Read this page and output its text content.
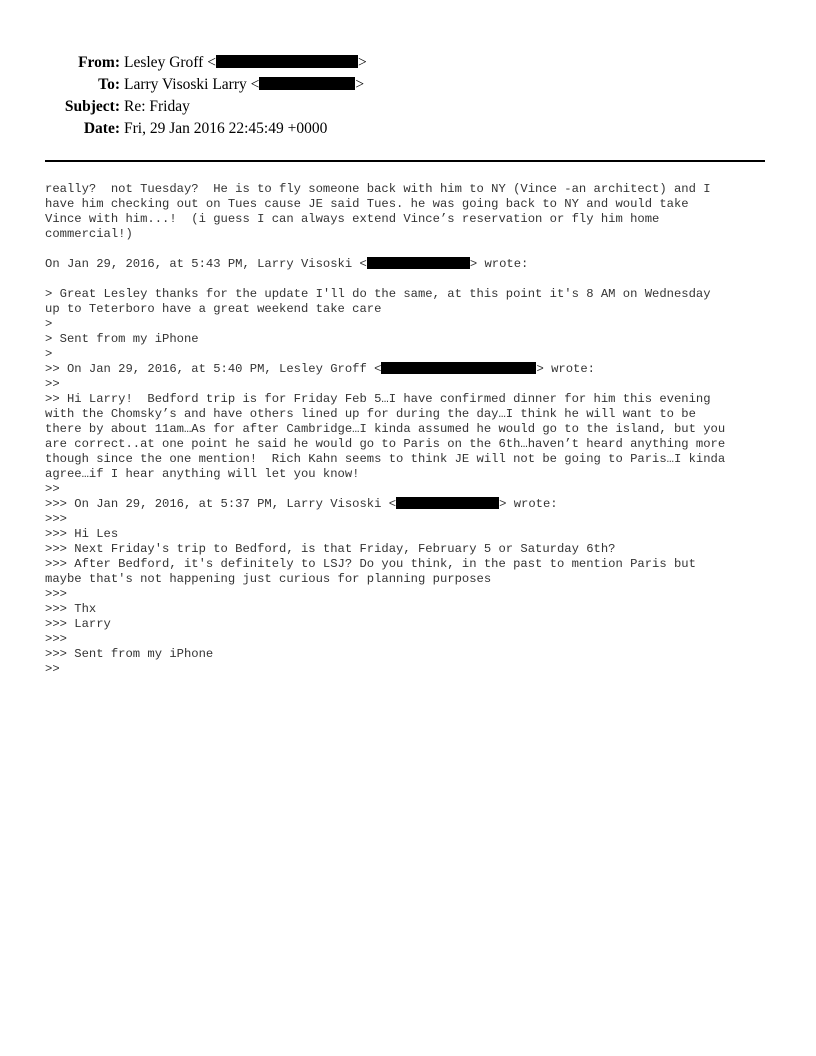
From: Lesley Groff <	>
To: Larry Visoski Larry <	>
Subject: Re: Friday
Date: Fri, 29 Jan 2016 22:45:49 +0000
really?  not Tuesday?  He is to fly someone back with him to NY (Vince -an architect) and I
have him checking out on Tues cause JE said Tues. he was going back to NY and would take
Vince with him...!  (i guess I can always extend Vince’s reservation or fly him home
commercial!)
On Jan 29, 2016, at 5:43 PM, Larry Visoski <	> wrote:
> Great Lesley thanks for the update I'll do the same, at this point it's 8 AM on Wednesday
up to Teterboro have a great weekend take care
>
> Sent from my iPhone
>
>> On Jan 29, 2016, at 5:40 PM, Lesley Groff <	> wrote:
>>
>> Hi Larry!  Bedford trip is for Friday Feb 5…I have confirmed dinner for him this evening
with the Chomsky’s and have others lined up for during the day…I think he will want to be
there by about 11am…As for after Cambridge…I kinda assumed he would go to the island, but you
are correct..at one point he said he would go to Paris on the 6th…haven’t heard anything more
though since the one mention!  Rich Kahn seems to think JE will not be going to Paris…I kinda
agree…if I hear anything will let you know!
>>
>>> On Jan 29, 2016, at 5:37 PM, Larry Visoski <	> wrote:
>>>
>>> Hi Les
>>> Next Friday's trip to Bedford, is that Friday, February 5 or Saturday 6th?
>>> After Bedford, it's definitely to LSJ? Do you think, in the past to mention Paris but
maybe that's not happening just curious for planning purposes
>>>
>>> Thx
>>> Larry
>>>
>>> Sent from my iPhone
>>
